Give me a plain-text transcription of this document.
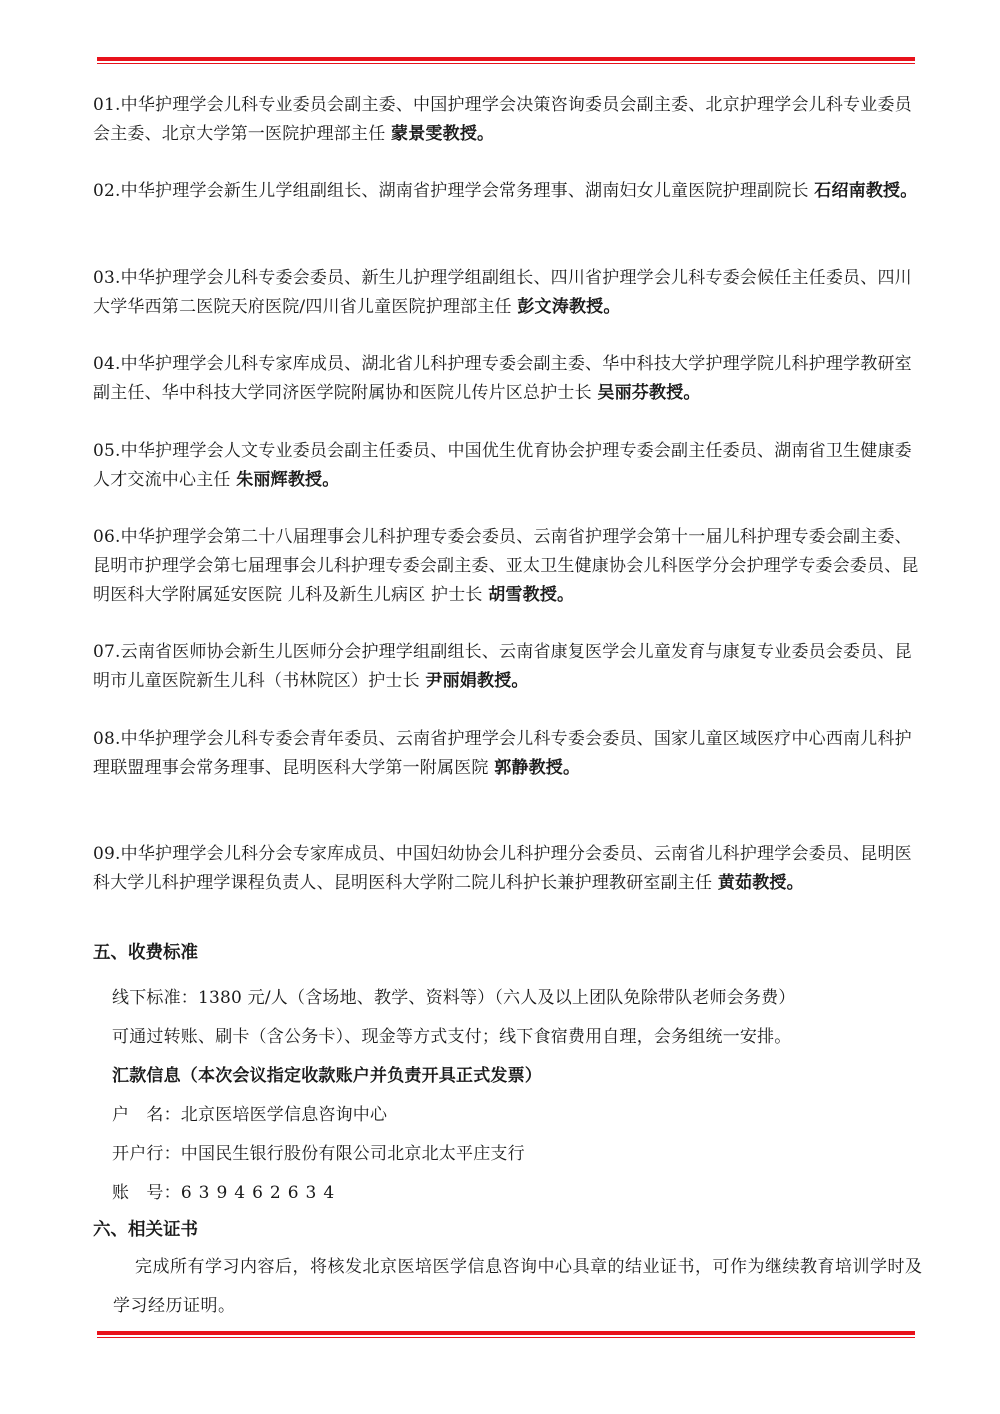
01.中华护理学会儿科专业委员会副主委、中国护理学会决策咨询委员会副主委、北京护理学会儿科专业委员会主委、北京大学第一医院护理部主任 蒙景雯教授。
02.中华护理学会新生儿学组副组长、湖南省护理学会常务理事、湖南妇女儿童医院护理副院长 石绍南教授。
03.中华护理学会儿科专委会委员、新生儿护理学组副组长、四川省护理学会儿科专委会候任主任委员、四川大学华西第二医院天府医院/四川省儿童医院护理部主任 彭文涛教授。
04.中华护理学会儿科专家库成员、湖北省儿科护理专委会副主委、华中科技大学护理学院儿科护理学教研室副主任、华中科技大学同济医学院附属协和医院儿传片区总护士长 吴丽芬教授。
05.中华护理学会人文专业委员会副主任委员、中国优生优育协会护理专委会副主任委员、湖南省卫生健康委人才交流中心主任 朱丽辉教授。
06.中华护理学会第二十八届理事会儿科护理专委会委员、云南省护理学会第十一届儿科护理专委会副主委、昆明市护理学会第七届理事会儿科护理专委会副主委、亚太卫生健康协会儿科医学分会护理学专委会委员、昆明医科大学附属延安医院 儿科及新生儿病区 护士长 胡雪教授。
07.云南省医师协会新生儿医师分会护理学组副组长、云南省康复医学会儿童发育与康复专业委员会委员、昆明市儿童医院新生儿科（书林院区）护士长 尹丽娟教授。
08.中华护理学会儿科专委会青年委员、云南省护理学会儿科专委会委员、国家儿童区域医疗中心西南儿科护理联盟理事会常务理事、昆明医科大学第一附属医院 郭静教授。
09.中华护理学会儿科分会专家库成员、中国妇幼协会儿科护理分会委员、云南省儿科护理学会委员、昆明医科大学儿科护理学课程负责人、昆明医科大学附二院儿科护长兼护理教研室副主任 黄茹教授。
五、收费标准
线下标准：1380 元/人（含场地、教学、资料等）（六人及以上团队免除带队老师会务费）
可通过转账、刷卡（含公务卡）、现金等方式支付；线下食宿费用自理，会务组统一安排。
汇款信息（本次会议指定收款账户并负责开具正式发票）
户　名：北京医培医学信息咨询中心
开户行：中国民生银行股份有限公司北京北太平庄支行
账　号：639462634
六、相关证书
完成所有学习内容后，将核发北京医培医学信息咨询中心具章的结业证书，可作为继续教育培训学时及学习经历证明。
